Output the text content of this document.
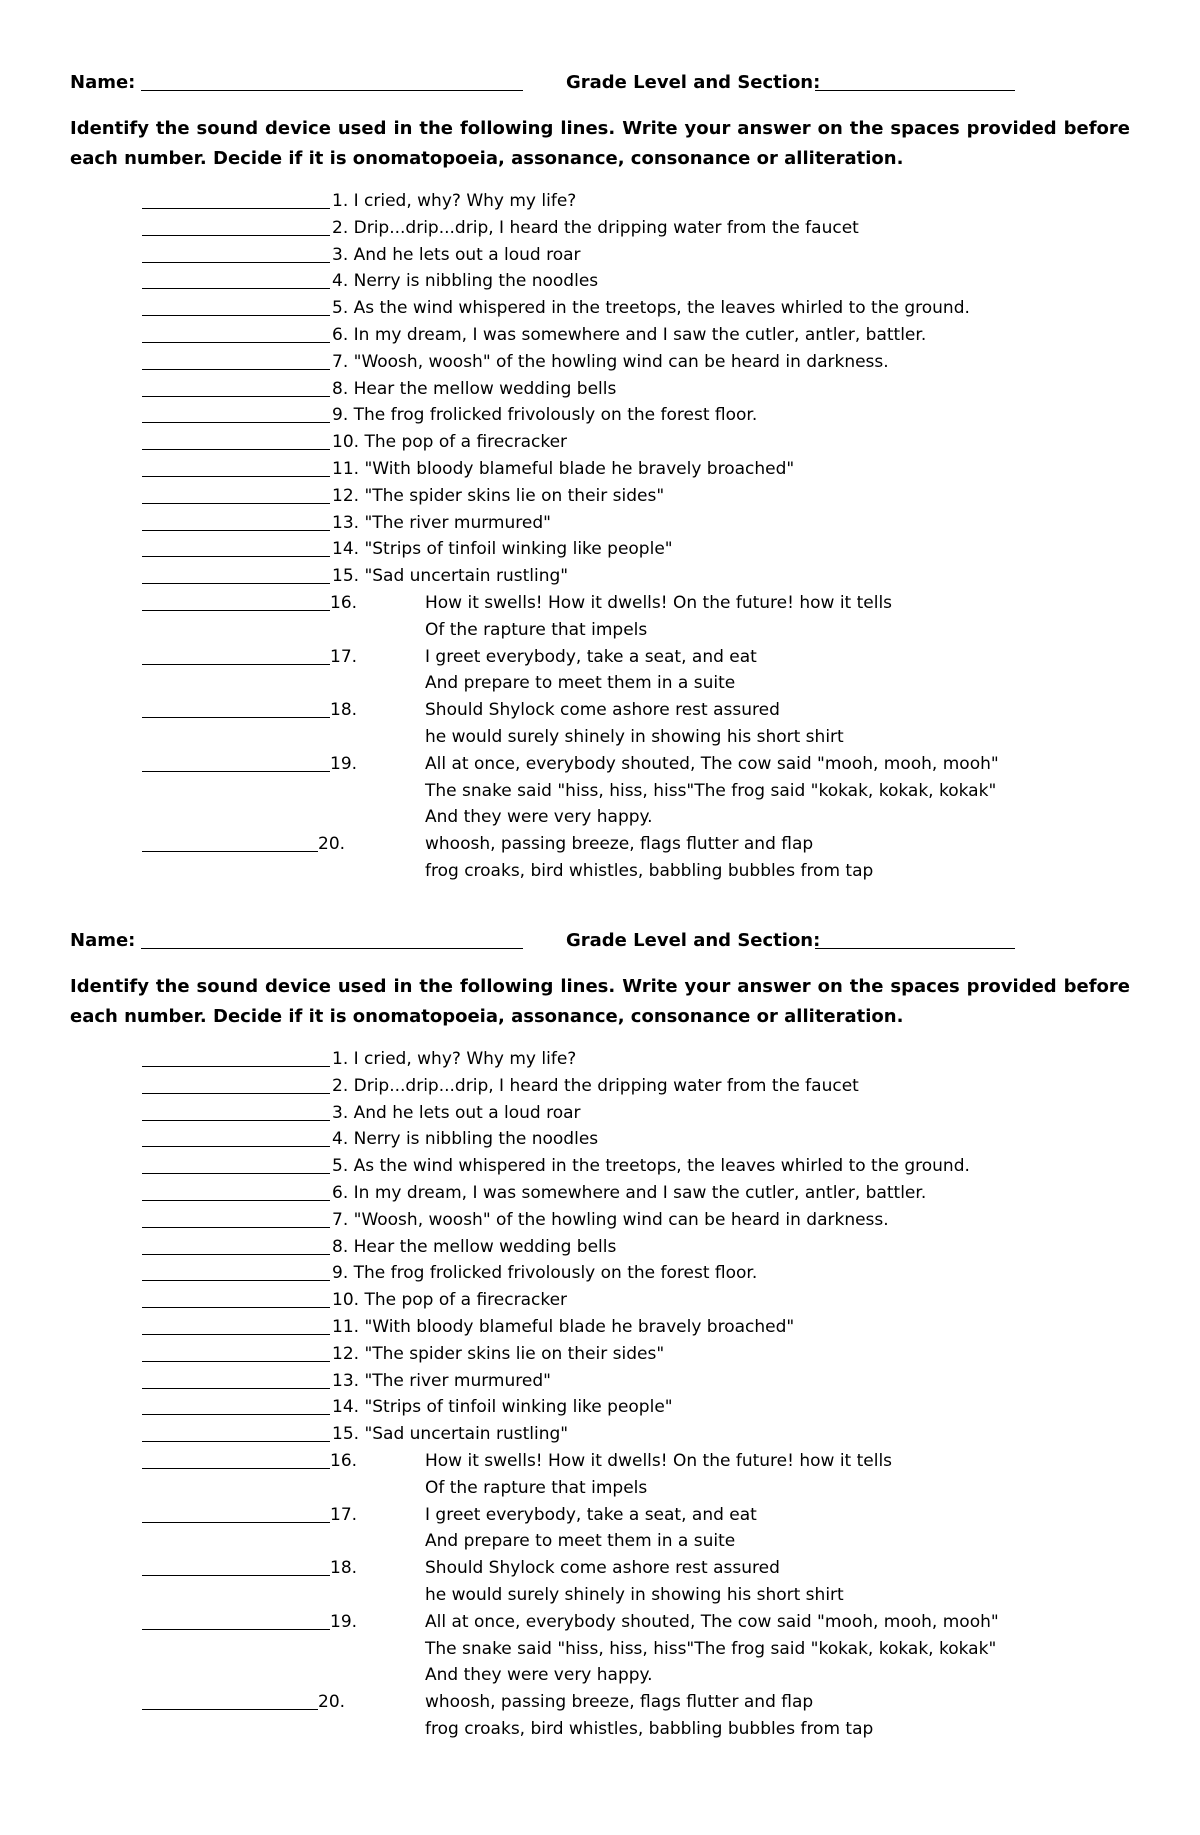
Name:	Grade Level and Section:
Identify the sound device used in the following lines. Write your answer on the spaces provided before each number. Decide if it is onomatopoeia, assonance, consonance or alliteration.
1. I cried, why? Why my life?
2. Drip...drip...drip, I heard the dripping water from the faucet
3. And he lets out a loud roar
4. Nerry is nibbling the noodles
5. As the wind whispered in the treetops, the leaves whirled to the ground.
6. In my dream, I was somewhere and I saw the cutler, antler, battler.
7. "Woosh, woosh" of the howling wind can be heard in darkness.
8. Hear the mellow wedding bells
9. The frog frolicked frivolously on the forest floor.
10. The pop of a firecracker
11. "With bloody blameful blade he bravely broached"
12. "The spider skins lie on their sides"
13. "The river murmured"
14. "Strips of tinfoil winking like people"
15. "Sad uncertain rustling"
16.	How it swells! How it dwells! On the future! how it tells
Of the rapture that impels
17.	I greet everybody, take a seat, and eat
And prepare to meet them in a suite
18.	Should Shylock come ashore rest assured
he would surely shinely in showing his short shirt
19.	All at once, everybody shouted, The cow said "mooh, mooh, mooh"
The snake said "hiss, hiss, hiss"The frog said "kokak, kokak, kokak"
And they were very happy.
20.	whoosh, passing breeze, flags flutter and flap
frog croaks, bird whistles, babbling bubbles from tap
Name:	Grade Level and Section:
Identify the sound device used in the following lines. Write your answer on the spaces provided before each number. Decide if it is onomatopoeia, assonance, consonance or alliteration.
1. I cried, why? Why my life?
2. Drip...drip...drip, I heard the dripping water from the faucet
3. And he lets out a loud roar
4. Nerry is nibbling the noodles
5. As the wind whispered in the treetops, the leaves whirled to the ground.
6. In my dream, I was somewhere and I saw the cutler, antler, battler.
7. "Woosh, woosh" of the howling wind can be heard in darkness.
8. Hear the mellow wedding bells
9. The frog frolicked frivolously on the forest floor.
10. The pop of a firecracker
11. "With bloody blameful blade he bravely broached"
12. "The spider skins lie on their sides"
13. "The river murmured"
14. "Strips of tinfoil winking like people"
15. "Sad uncertain rustling"
16.	How it swells! How it dwells! On the future! how it tells
Of the rapture that impels
17.	I greet everybody, take a seat, and eat
And prepare to meet them in a suite
18.	Should Shylock come ashore rest assured
he would surely shinely in showing his short shirt
19.	All at once, everybody shouted, The cow said "mooh, mooh, mooh"
The snake said "hiss, hiss, hiss"The frog said "kokak, kokak, kokak"
And they were very happy.
20.	whoosh, passing breeze, flags flutter and flap
frog croaks, bird whistles, babbling bubbles from tap
